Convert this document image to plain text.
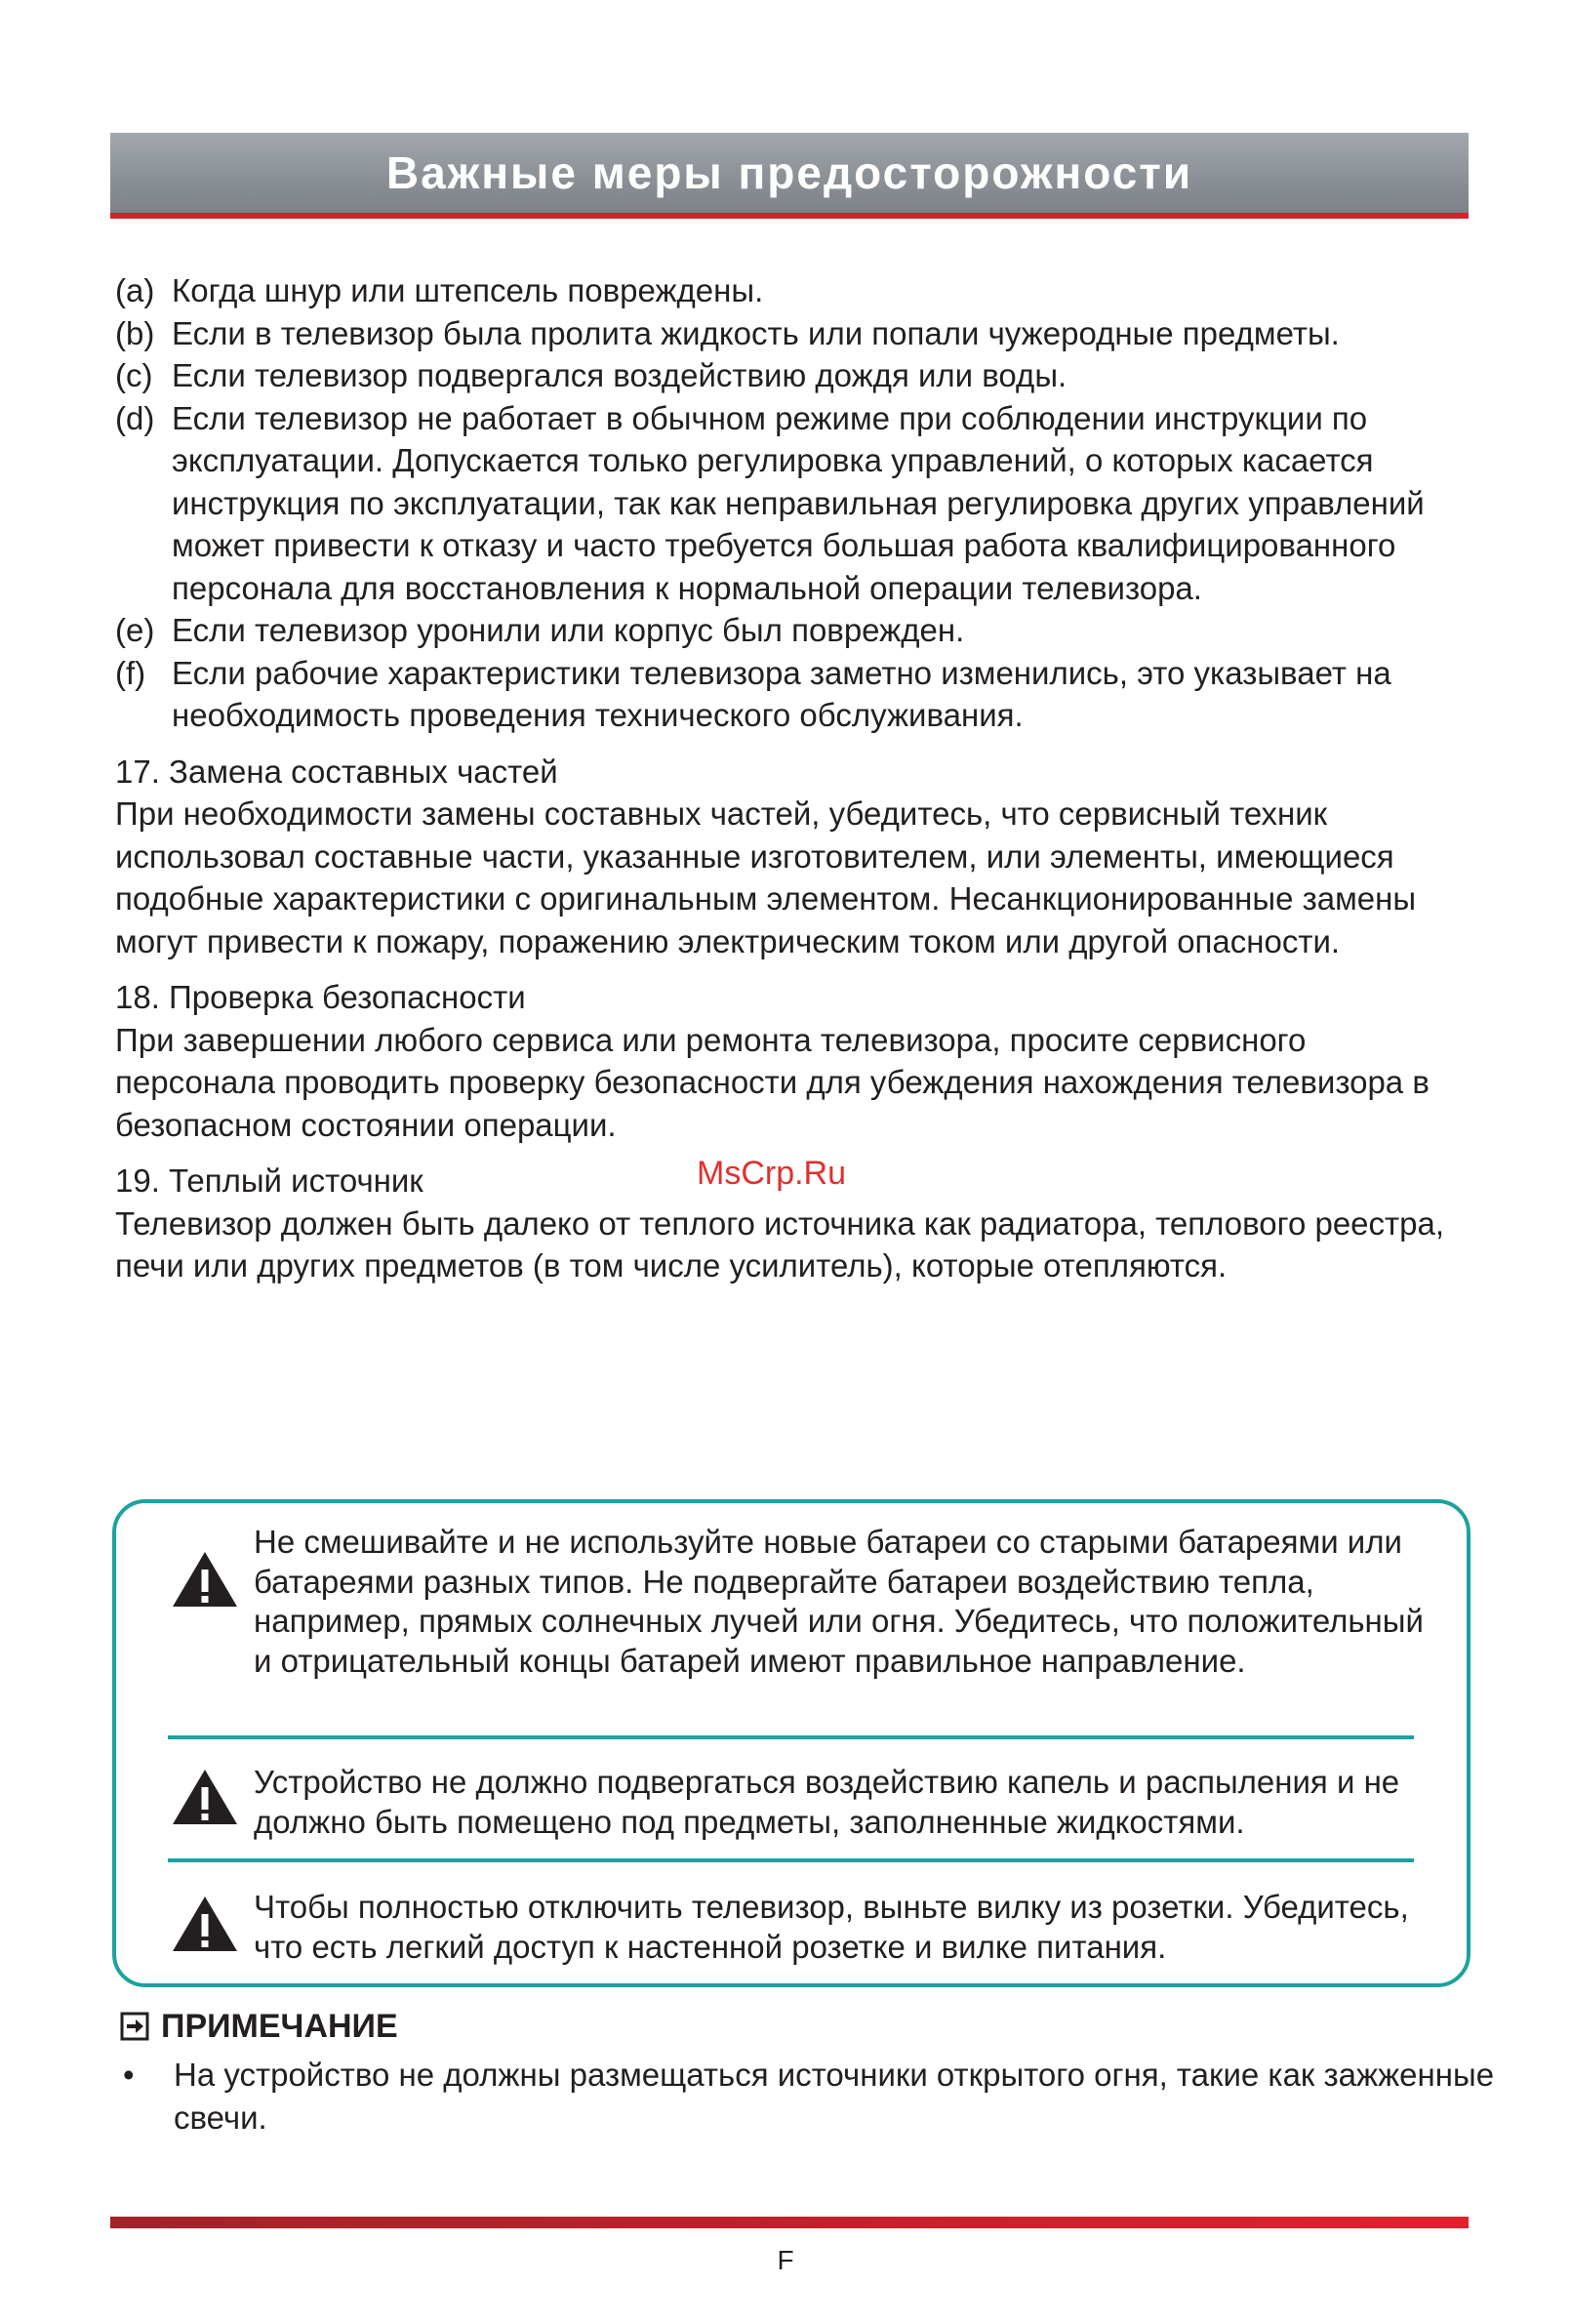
Важные меры предосторожности
(a) Когда шнур или штепсель повреждены.
(b) Если в телевизор была пролита жидкость или попали чужеродные предметы.
(c) Если телевизор подвергался воздействию дождя или воды.
(d) Если телевизор не работает в обычном режиме при соблюдении инструкции по эксплуатации. Допускается только регулировка управлений, о которых касается инструкция по эксплуатации, так как неправильная регулировка других управлений может привести к отказу и часто требуется большая работа квалифицированного персонала для восстановления к нормальной операции телевизора.
(e) Если телевизор уронили или корпус был поврежден.
(f) Если рабочие характеристики телевизора заметно изменились, это указывает на необходимость проведения технического обслуживания.

17. Замена составных частей

При необходимости замены составных частей, убедитесь, что сервисный техник использовал составные части, указанные изготовителем, или элементы, имеющиеся подобные характеристики с оригинальным элементом. Несанкционированные замены могут привести к пожару, поражению электрическим током или другой опасности.

18. Проверка безопасности

При завершении любого сервиса или ремонта телевизора, просите сервисного персонала проводить проверку безопасности для убеждения нахождения телевизора в безопасном состоянии операции.

19. Теплый источник

Телевизор должен быть далеко от теплого источника как радиатора, теплового реестра, печи или других предметов (в том числе усилитель), которые отепляются.

MsCrp.Ru
Не смешивайте и не используйте новые батареи со старыми батареями или батареями разных типов. Не подвергайте батареи воздействию тепла, например, прямых солнечных лучей или огня. Убедитесь, что положительный и отрицательный концы батарей имеют правильное направление.
Устройство не должно подвергаться воздействию капель и распыления и не должно быть помещено под предметы, заполненные жидкостями.
Чтобы полностью отключить телевизор, выньте вилку из розетки. Убедитесь, что есть легкий доступ к настенной розетке и вилке питания.
ПРИМЕЧАНИЕ
• На устройство не должны размещаться источники открытого огня, такие как зажженные свечи.
F
